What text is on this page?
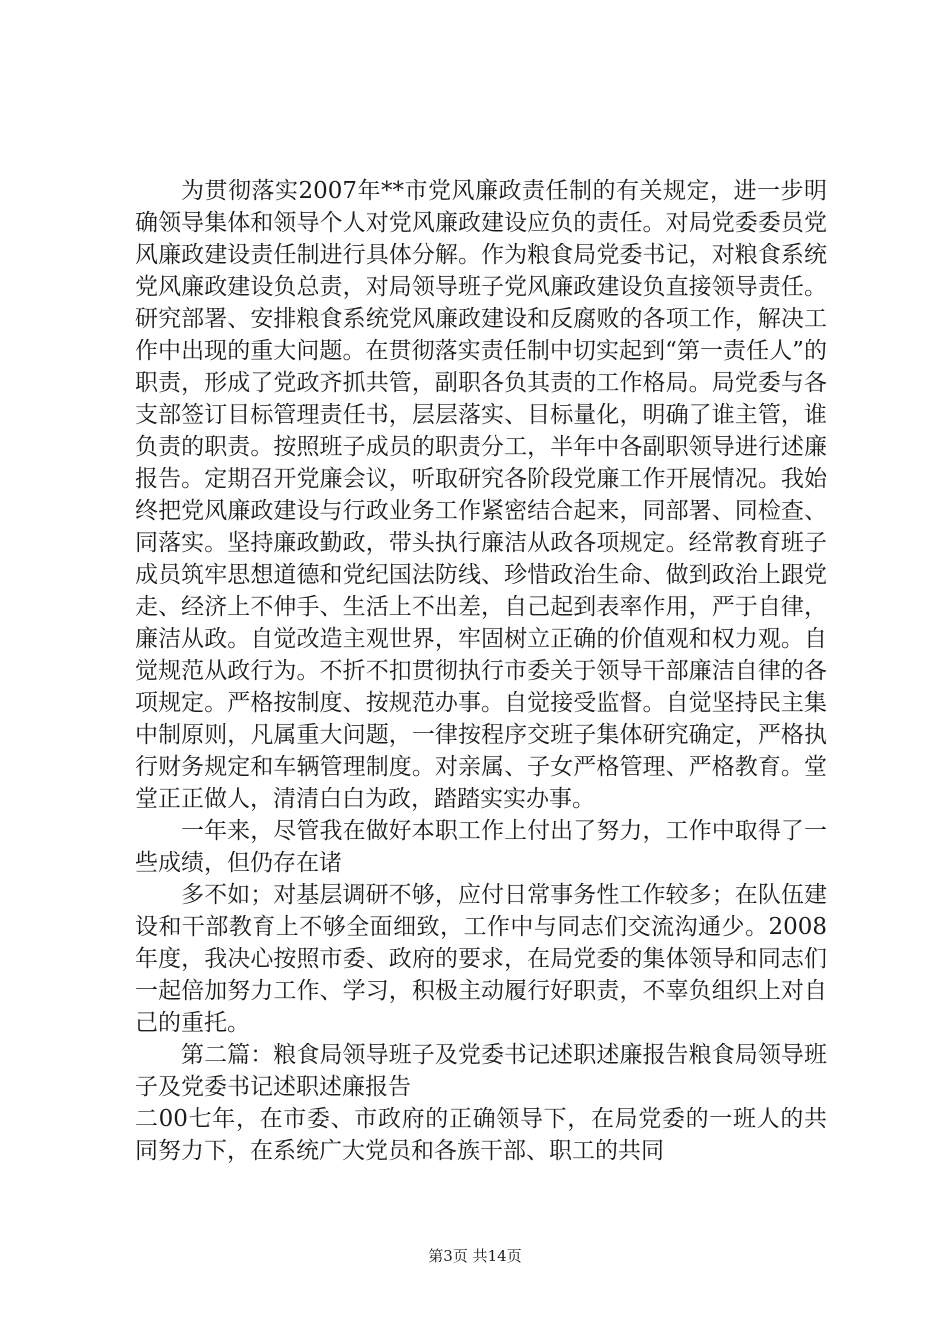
为贯彻落实2007年**市党风廉政责任制的有关规定，进一步明确领导集体和领导个人对党风廉政建设应负的责任。对局党委委员党风廉政建设责任制进行具体分解。作为粮食局党委书记，对粮食系统党风廉政建设负总责，对局领导班子党风廉政建设负直接领导责任。研究部署、安排粮食系统党风廉政建设和反腐败的各项工作，解决工作中出现的重大问题。在贯彻落实责任制中切实起到“第一责任人”的职责，形成了党政齐抓共管，副职各负其责的工作格局。局党委与各支部签订目标管理责任书，层层落实、目标量化，明确了谁主管，谁负责的职责。按照班子成员的职责分工，半年中各副职领导进行述廉报告。定期召开党廉会议，听取研究各阶段党廉工作开展情况。我始终把党风廉政建设与行政业务工作紧密结合起来，同部署、同检查、同落实。坚持廉政勤政，带头执行廉洁从政各项规定。经常教育班子成员筑牢思想道德和党纪国法防线、珍惜政治生命、做到政治上跟党走、经济上不伸手、生活上不出差，自己起到表率作用，严于自律，廉洁从政。自觉改造主观世界，牢固树立正确的价值观和权力观。自觉规范从政行为。不折不扣贯彻执行市委关于领导干部廉洁自律的各项规定。严格按制度、按规范办事。自觉接受监督。自觉坚持民主集中制原则，凡属重大问题，一律按程序交班子集体研究确定，严格执行财务规定和车辆管理制度。对亲属、子女严格管理、严格教育。堂堂正正做人，清清白白为政，踏踏实实办事。

一年来，尽管我在做好本职工作上付出了努力，工作中取得了一些成绩，但仍存在诸

多不如；对基层调研不够，应付日常事务性工作较多；在队伍建设和干部教育上不够全面细致，工作中与同志们交流沟通少。2008年度，我决心按照市委、政府的要求，在局党委的集体领导和同志们一起倍加努力工作、学习，积极主动履行好职责，不辜负组织上对自己的重托。

第二篇：粮食局领导班子及党委书记述职述廉报告粮食局领导班子及党委书记述职述廉报告

二00七年，在市委、市政府的正确领导下，在局党委的一班人的共同努力下，在系统广大党员和各族干部、职工的共同

第3页 共14页
